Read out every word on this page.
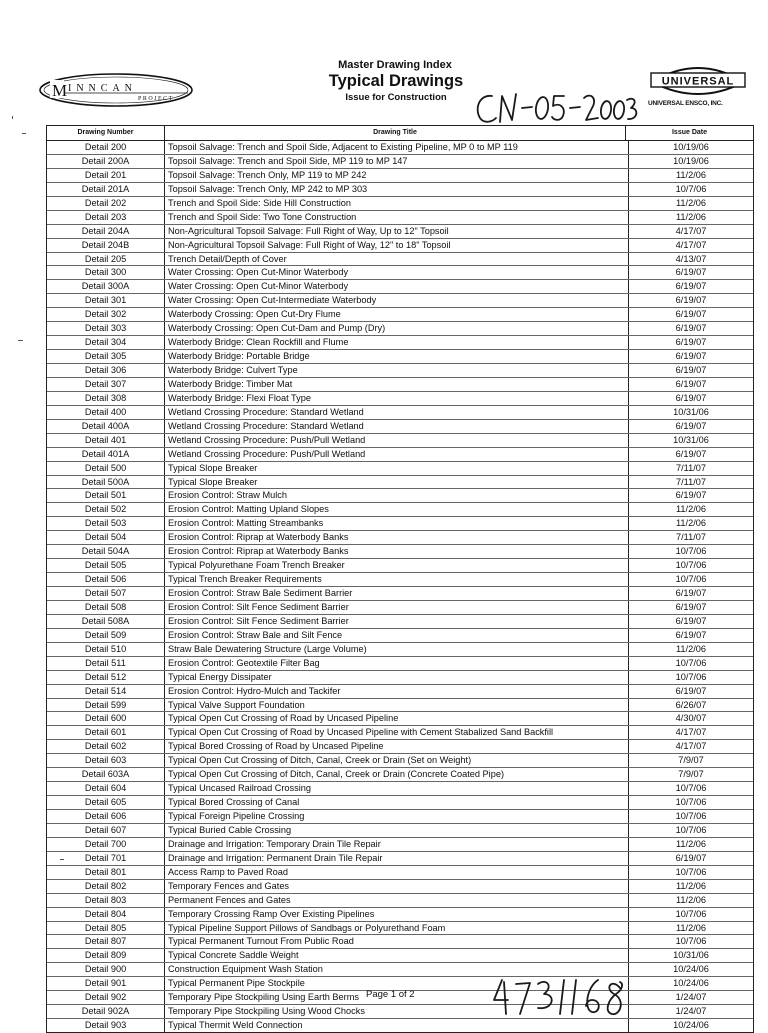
M INNCAN
PROJECT
Master Drawing Index
Typical Drawings
Issue for Construction
UNIVERSAL
UNIVERSAL ENSCO, INC.
Drawing Number	Drawing Title	Issue Date
Detail 200	Topsoil Salvage: Trench and Spoil Side, Adjacent to Existing Pipeline, MP 0 to MP 119	10/19/06
Detail 200A	Topsoil Salvage: Trench and Spoil Side, MP 119 to MP 147	10/19/06
Detail 201	Topsoil Salvage: Trench Only, MP 119 to MP 242	11/2/06
Detail 201A	Topsoil Salvage: Trench Only, MP 242 to MP 303	10/7/06
Detail 202	Trench and Spoil Side: Side Hill Construction	11/2/06
Detail 203	Trench and Spoil Side: Two Tone Construction	11/2/06
Detail 204A	Non-Agricultural Topsoil Salvage: Full Right of Way, Up to 12" Topsoil	4/17/07
Detail 204B	Non-Agricultural Topsoil Salvage: Full Right of Way, 12" to 18" Topsoil	4/17/07
Detail 205	Trench Detail/Depth of Cover	4/13/07
Detail 300	Water Crossing: Open Cut-Minor Waterbody	6/19/07
Detail 300A	Water Crossing: Open Cut-Minor Waterbody	6/19/07
Detail 301	Water Crossing: Open Cut-Intermediate Waterbody	6/19/07
Detail 302	Waterbody Crossing: Open Cut-Dry Flume	6/19/07
Detail 303	Waterbody Crossing: Open Cut-Dam and Pump (Dry)	6/19/07
Detail 304	Waterbody Bridge: Clean Rockfill and Flume	6/19/07
Detail 305	Waterbody Bridge: Portable Bridge	6/19/07
Detail 306	Waterbody Bridge: Culvert Type	6/19/07
Detail 307	Waterbody Bridge: Timber Mat	6/19/07
Detail 308	Waterbody Bridge: Flexi Float Type	6/19/07
Detail 400	Wetland Crossing Procedure: Standard Wetland	10/31/06
Detail 400A	Wetland Crossing Procedure: Standard Wetland	6/19/07
Detail 401	Wetland Crossing Procedure: Push/Pull Wetland	10/31/06
Detail 401A	Wetland Crossing Procedure: Push/Pull Wetland	6/19/07
Detail 500	Typical Slope Breaker	7/11/07
Detail 500A	Typical Slope Breaker	7/11/07
Detail 501	Erosion Control: Straw Mulch	6/19/07
Detail 502	Erosion Control: Matting Upland Slopes	11/2/06
Detail 503	Erosion Control: Matting Streambanks	11/2/06
Detail 504	Erosion Control: Riprap at Waterbody Banks	7/11/07
Detail 504A	Erosion Control: Riprap at Waterbody Banks	10/7/06
Detail 505	Typical Polyurethane Foam Trench Breaker	10/7/06
Detail 506	Typical Trench Breaker Requirements	10/7/06
Detail 507	Erosion Control: Straw Bale Sediment Barrier	6/19/07
Detail 508	Erosion Control: Silt Fence Sediment Barrier	6/19/07
Detail 508A	Erosion Control: Silt Fence Sediment Barrier	6/19/07
Detail 509	Erosion Control: Straw Bale and Silt Fence	6/19/07
Detail 510	Straw Bale Dewatering Structure (Large Volume)	11/2/06
Detail 511	Erosion Control: Geotextile Filter Bag	10/7/06
Detail 512	Typical Energy Dissipater	10/7/06
Detail 514	Erosion Control: Hydro-Mulch and Tackifer	6/19/07
Detail 599	Typical Valve Support Foundation	6/26/07
Detail 600	Typical Open Cut Crossing of Road by Uncased Pipeline	4/30/07
Detail 601	Typical Open Cut Crossing of Road by Uncased Pipeline with Cement Stabalized Sand Backfill	4/17/07
Detail 602	Typical Bored Crossing of Road by Uncased Pipeline	4/17/07
Detail 603	Typical Open Cut Crossing of Ditch, Canal, Creek or Drain (Set on Weight)	7/9/07
Detail 603A	Typical Open Cut Crossing of Ditch, Canal, Creek or Drain (Concrete Coated Pipe)	7/9/07
Detail 604	Typical Uncased Railroad Crossing	10/7/06
Detail 605	Typical Bored Crossing of Canal	10/7/06
Detail 606	Typical Foreign Pipeline Crossing	10/7/06
Detail 607	Typical Buried Cable Crossing	10/7/06
Detail 700	Drainage and Irrigation: Temporary Drain Tile Repair	11/2/06
Detail 701	Drainage and Irrigation: Permanent Drain Tile Repair	6/19/07
Detail 801	Access Ramp to Paved Road	10/7/06
Detail 802	Temporary Fences and Gates	11/2/06
Detail 803	Permanent Fences and Gates	11/2/06
Detail 804	Temporary Crossing Ramp Over Existing Pipelines	10/7/06
Detail 805	Typical Pipeline Support Pillows of Sandbags or Polyurethand Foam	11/2/06
Detail 807	Typical Permanent Turnout From Public Road	10/7/06
Detail 809	Typical Concrete Saddle Weight	10/31/06
Detail 900	Construction Equipment Wash Station	10/24/06
Detail 901	Typical Permanent Pipe Stockpile	10/24/06
Detail 902	Temporary Pipe Stockpiling Using Earth Berms	1/24/07
Detail 902A	Temporary Pipe Stockpiling Using Wood Chocks	1/24/07
Detail 903	Typical Thermit Weld Connection	10/24/06
Page 1 of 2
